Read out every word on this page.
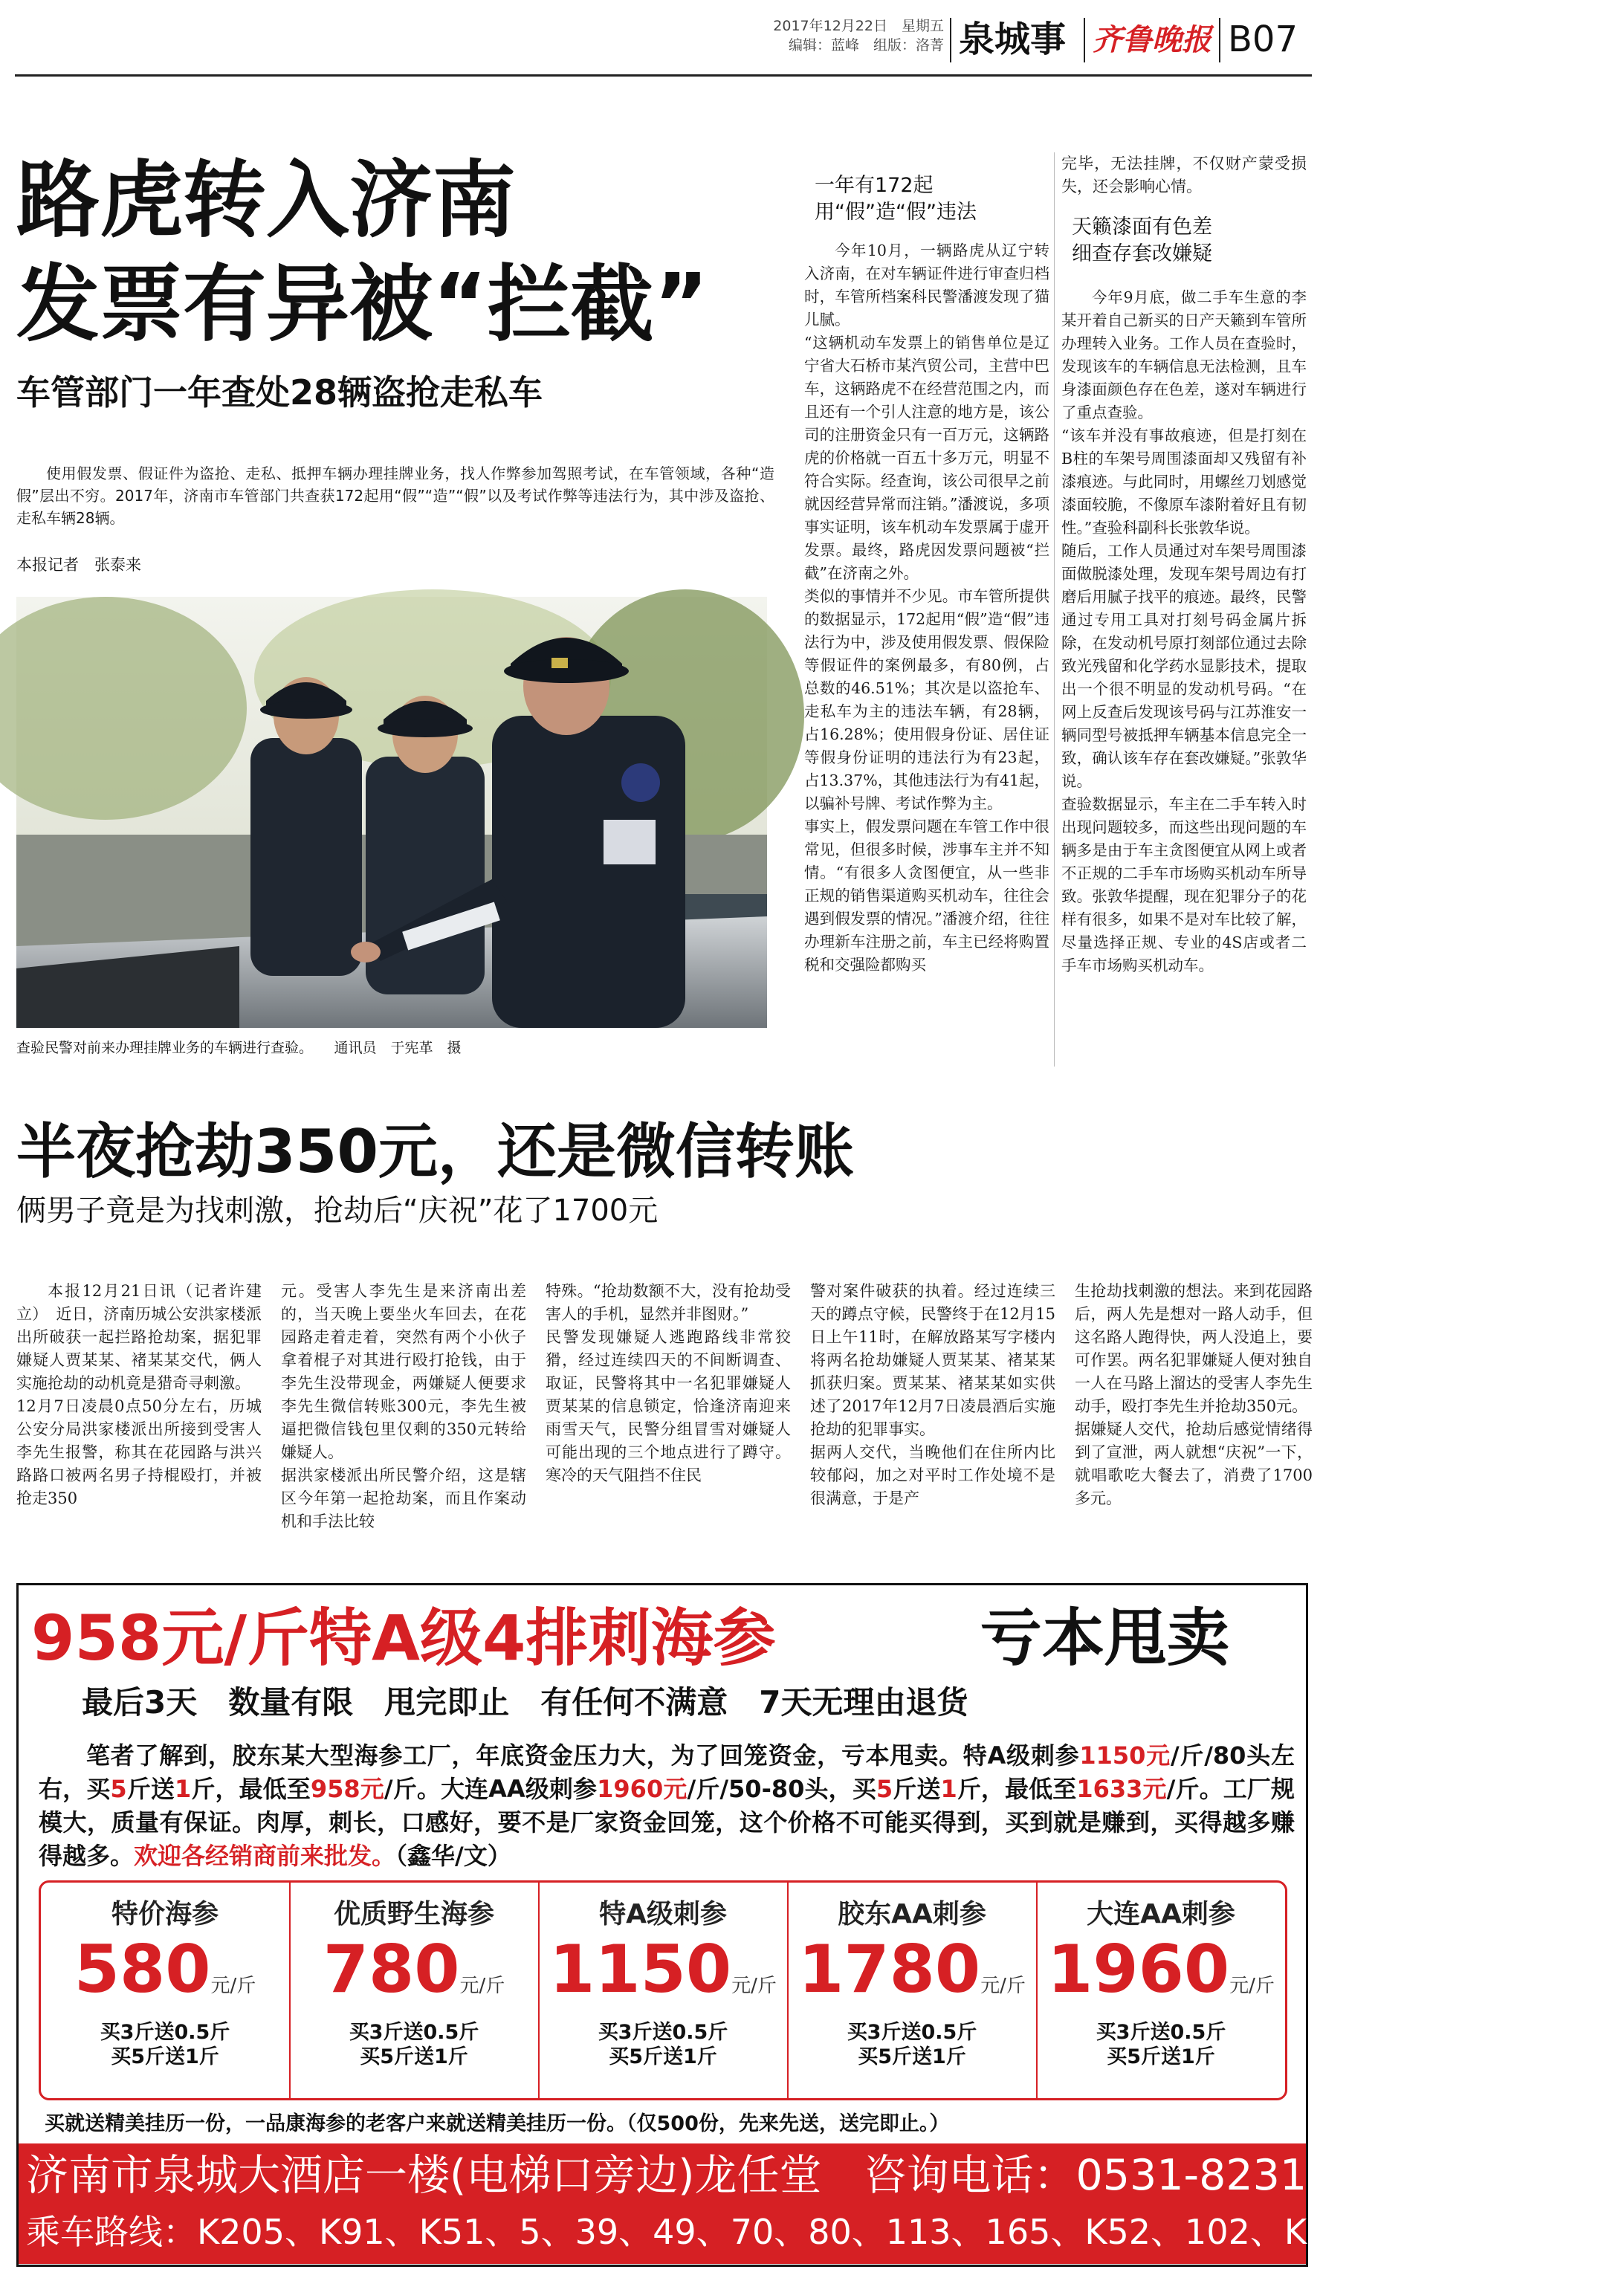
2017年12月22日　星期五
编辑：蓝峰　组版：洛菁 泉城事 齐鲁晚报 B07
路虎转入济南
发票有异被“拦截”
车管部门一年查处28辆盗抢走私车

使用假发票、假证件为盗抢、走私、抵押车辆办理挂牌业务，找人作弊参加驾照考试，在车管领域，各种“造假”层出不穷。2017年，济南市车管部门共查获172起用“假”“造”“假”以及考试作弊等违法行为，其中涉及盗抢、走私车辆28辆。

本报记者　张泰来
查验民警对前来办理挂牌业务的车辆进行查验。　　通讯员　于宪革　摄
一年有172起
用“假”造“假”违法

今年10月，一辆路虎从辽宁转入济南，在对车辆证件进行审查归档时，车管所档案科民警潘渡发现了猫儿腻。
“这辆机动车发票上的销售单位是辽宁省大石桥市某汽贸公司，主营中巴车，这辆路虎不在经营范围之内，而且还有一个引人注意的地方是，该公司的注册资金只有一百万元，这辆路虎的价格就一百五十多万元，明显不符合实际。经查询，该公司很早之前就因经营异常而注销。”潘渡说，多项事实证明，该车机动车发票属于虚开发票。最终，路虎因发票问题被“拦截”在济南之外。
类似的事情并不少见。市车管所提供的数据显示，172起用“假”造“假”违法行为中，涉及使用假发票、假保险等假证件的案例最多，有80例，占总数的46.51%；其次是以盗抢车、走私车为主的违法车辆，有28辆，占16.28%；使用假身份证、居住证等假身份证明的违法行为有23起，占13.37%，其他违法行为有41起，以骗补号牌、考试作弊为主。
事实上，假发票问题在车管工作中很常见，但很多时候，涉事车主并不知情。“有很多人贪图便宜，从一些非正规的销售渠道购买机动车，往往会遇到假发票的情况。”潘渡介绍，往往办理新车注册之前，车主已经将购置税和交强险都购买

完毕，无法挂牌，不仅财产蒙受损失，还会影响心情。

天籁漆面有色差
细查存套改嫌疑

今年9月底，做二手车生意的李某开着自己新买的日产天籁到车管所办理转入业务。工作人员在查验时，发现该车的车辆信息无法检测，且车身漆面颜色存在色差，遂对车辆进行了重点查验。
“该车并没有事故痕迹，但是打刻在B柱的车架号周围漆面却又残留有补漆痕迹。与此同时，用螺丝刀划感觉漆面较脆，不像原车漆附着好且有韧性。”查验科副科长张敦华说。
随后，工作人员通过对车架号周围漆面做脱漆处理，发现车架号周边有打磨后用腻子找平的痕迹。最终，民警通过专用工具对打刻号码金属片拆除，在发动机号原打刻部位通过去除致光残留和化学药水显影技术，提取出一个很不明显的发动机号码。“在网上反查后发现该号码与江苏淮安一辆同型号被抵押车辆基本信息完全一致，确认该车存在套改嫌疑。”张敦华说。
查验数据显示，车主在二手车转入时出现问题较多，而这些出现问题的车辆多是由于车主贪图便宜从网上或者不正规的二手车市场购买机动车所导致。张敦华提醒，现在犯罪分子的花样有很多，如果不是对车比较了解，尽量选择正规、专业的4S店或者二手车市场购买机动车。

半夜抢劫350元，还是微信转账
俩男子竟是为找刺激，抢劫后“庆祝”花了1700元

本报12月21日讯（记者许建立）　近日，济南历城公安洪家楼派出所破获一起拦路抢劫案，据犯罪嫌疑人贾某某、褚某某交代，俩人实施抢劫的动机竟是猎奇寻刺激。
12月7日凌晨0点50分左右，历城公安分局洪家楼派出所接到受害人李先生报警，称其在花园路与洪兴路路口被两名男子持棍殴打，并被抢走350

元。受害人李先生是来济南出差的，当天晚上要坐火车回去，在花园路走着走着，突然有两个小伙子拿着棍子对其进行殴打抢钱，由于李先生没带现金，两嫌疑人便要求李先生微信转账300元，李先生被逼把微信钱包里仅剩的350元转给嫌疑人。
据洪家楼派出所民警介绍，这是辖区今年第一起抢劫案，而且作案动机和手法比较

特殊。“抢劫数额不大，没有抢劫受害人的手机，显然并非图财。”
民警发现嫌疑人逃跑路线非常狡猾，经过连续四天的不间断调查、取证，民警将其中一名犯罪嫌疑人贾某某的信息锁定，恰逢济南迎来雨雪天气，民警分组冒雪对嫌疑人可能出现的三个地点进行了蹲守。寒冷的天气阻挡不住民

警对案件破获的执着。经过连续三天的蹲点守候，民警终于在12月15日上午11时，在解放路某写字楼内将两名抢劫嫌疑人贾某某、褚某某抓获归案。贾某某、褚某某如实供述了2017年12月7日凌晨酒后实施抢劫的犯罪事实。
据两人交代，当晚他们在住所内比较郁闷，加之对平时工作处境不是很满意，于是产

生抢劫找刺激的想法。来到花园路后，两人先是想对一路人动手，但这名路人跑得快，两人没追上，要可作罢。两名犯罪嫌疑人便对独自一人在马路上溜达的受害人李先生动手，殴打李先生并抢劫350元。
据嫌疑人交代，抢劫后感觉情绪得到了宣泄，两人就想“庆祝”一下，就唱歌吃大餐去了，消费了1700多元。

958元/斤特A级4排刺海参	亏本甩卖
最后3天　数量有限　甩完即止　有任何不满意　7天无理由退货

笔者了解到，胶东某大型海参工厂，年底资金压力大，为了回笼资金，亏本甩卖。特A级刺参1150元/斤/80头左右，买5斤送1斤，最低至958元/斤。大连AA级刺参1960元/斤/50-80头，买5斤送1斤，最低至1633元/斤。工厂规模大，质量有保证。肉厚，刺长，口感好，要不是厂家资金回笼，这个价格不可能买得到，买到就是赚到，买得越多赚得越多。欢迎各经销商前来批发。（鑫华/文）

特价海参
580元/斤
买3斤送0.5斤
买5斤送1斤
优质野生海参
780元/斤
买3斤送0.5斤
买5斤送1斤
特A级刺参
1150元/斤
买3斤送0.5斤
买5斤送1斤
胶东AA刺参
1780元/斤
买3斤送0.5斤
买5斤送1斤
大连AA刺参
1960元/斤
买3斤送0.5斤
买5斤送1斤
买就送精美挂历一份，一品康海参的老客户来就送精美挂历一份。（仅500份，先来先送，送完即止。）
济南市泉城大酒店一楼(电梯口旁边)龙任堂　咨询电话：0531-82312157
乘车路线：K205、K91、K51、5、39、49、70、80、113、165、K52、102、K96到银座商城下车。
